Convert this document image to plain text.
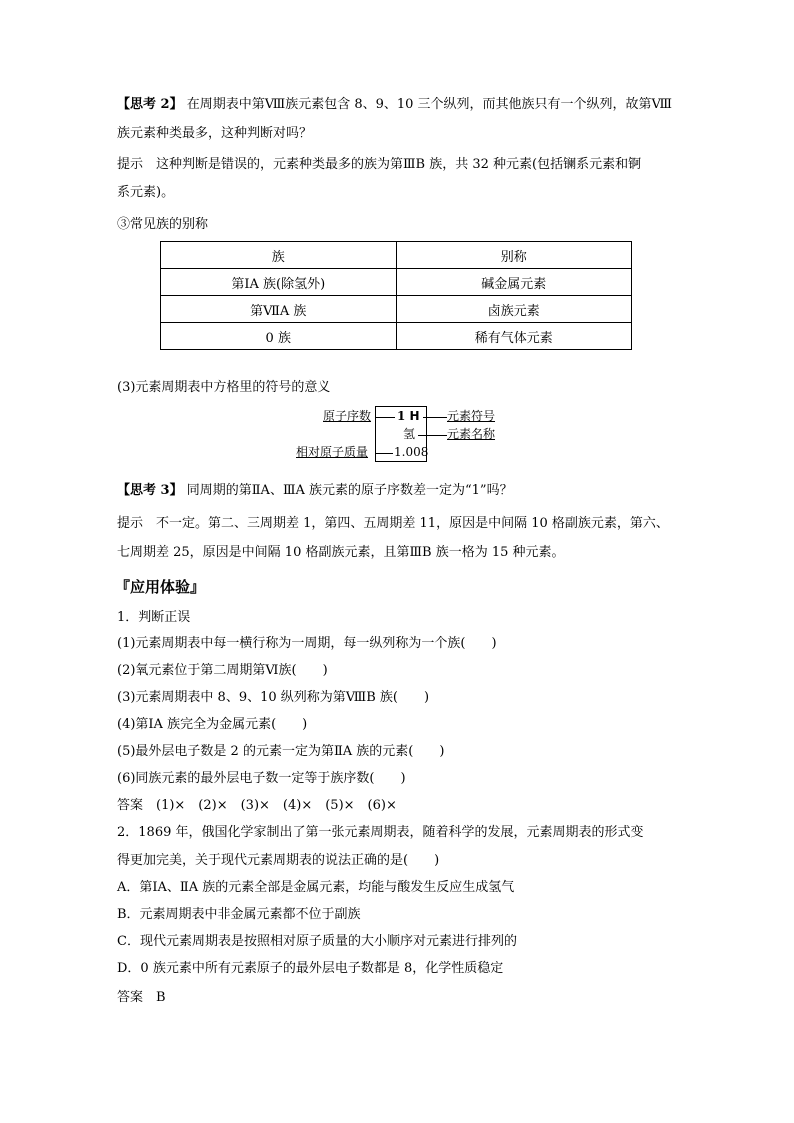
【思考 2】 在周期表中第Ⅷ族元素包含 8、9、10 三个纵列，而其他族只有一个纵列，故第Ⅷ
族元素种类最多，这种判断对吗？
提示　这种判断是错误的，元素种类最多的族为第ⅢB 族，共 32 种元素(包括镧系元素和锕
系元素)。
③常见族的别称
族	别称
第ⅠA 族(除氢外)	碱金属元素
第ⅦA 族	卤族元素
0 族	稀有气体元素
(3)元素周期表中方格里的符号的意义
1 H
氢
1.008
原子序数	元素符号
元素名称
相对原子质量
【思考 3】 同周期的第ⅡA、ⅢA 族元素的原子序数差一定为“1”吗？
提示　不一定。第二、三周期差 1，第四、五周期差 11，原因是中间隔 10 格副族元素，第六、
七周期差 25，原因是中间隔 10 格副族元素，且第ⅢB 族一格为 15 种元素。
『应用体验』
1．判断正误
(1)元素周期表中每一横行称为一周期，每一纵列称为一个族(　　)
(2)氧元素位于第二周期第Ⅵ族(　　)
(3)元素周期表中 8、9、10 纵列称为第ⅧB 族(　　)
(4)第ⅠA 族完全为金属元素(　　)
(5)最外层电子数是 2 的元素一定为第ⅡA 族的元素(　　)
(6)同族元素的最外层电子数一定等于族序数(　　)
答案　(1)×　(2)×　(3)×　(4)×　(5)×　(6)×
2．1869 年，俄国化学家制出了第一张元素周期表，随着科学的发展，元素周期表的形式变
得更加完美，关于现代元素周期表的说法正确的是(　　)
A．第ⅠA、ⅡA 族的元素全部是金属元素，均能与酸发生反应生成氢气
B．元素周期表中非金属元素都不位于副族
C．现代元素周期表是按照相对原子质量的大小顺序对元素进行排列的
D．0 族元素中所有元素原子的最外层电子数都是 8，化学性质稳定
答案　B
